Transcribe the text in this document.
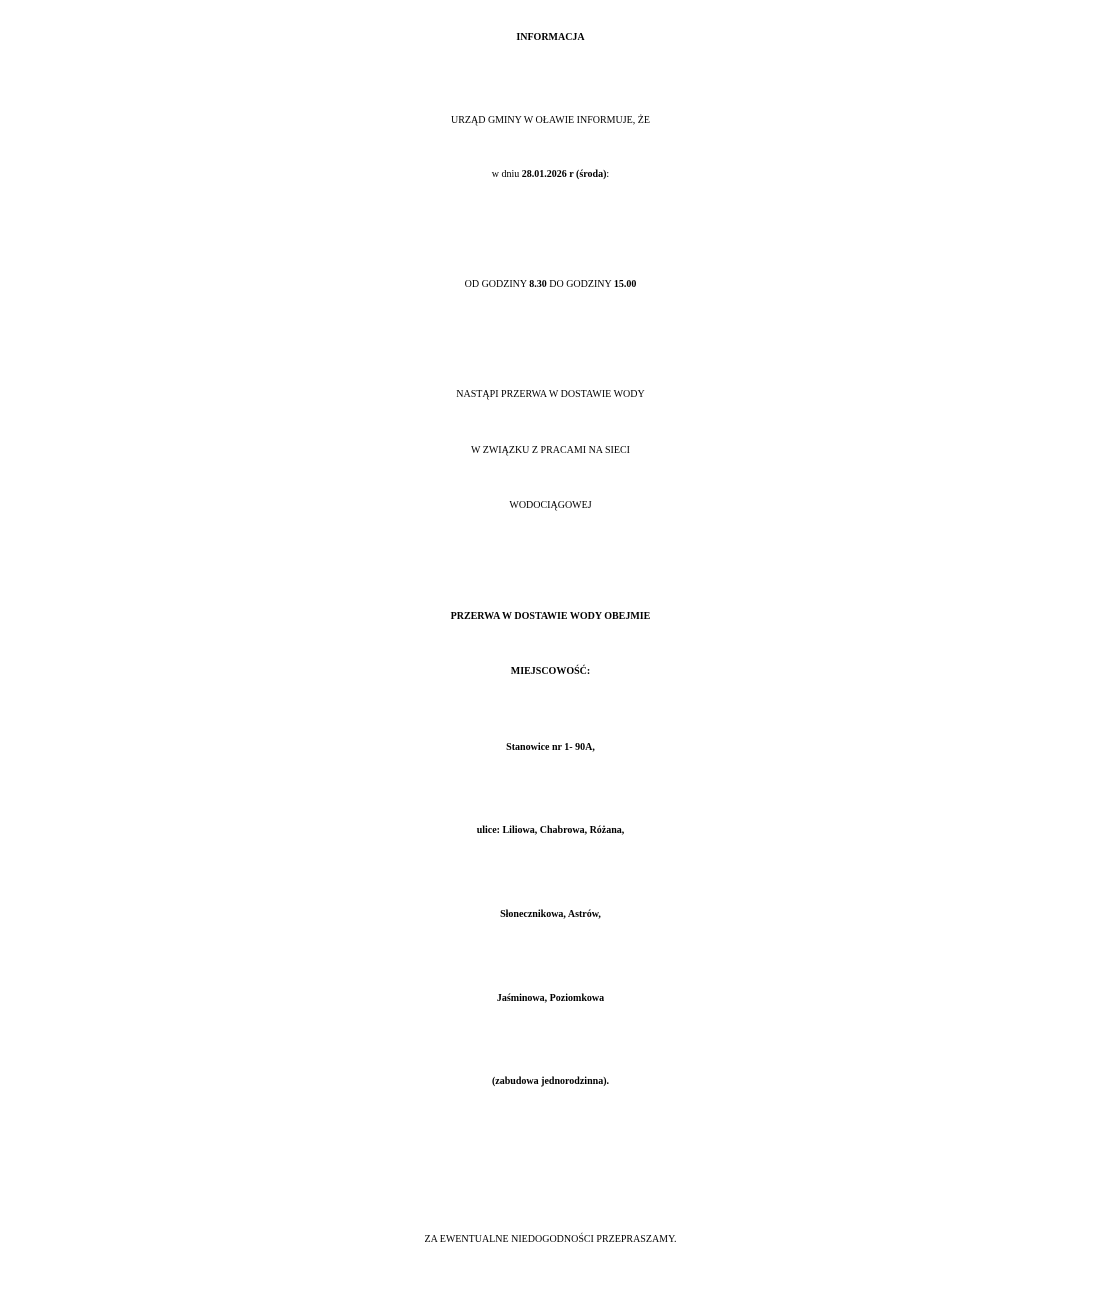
INFORMACJA
URZĄD GMINY W OŁAWIE INFORMUJE, ŻE
w dniu 28.01.2026 r (środa):
OD GODZINY 8.30 DO GODZINY 15.00
NASTĄPI PRZERWA W DOSTAWIE WODY
W ZWIĄZKU Z PRACAMI NA SIECI
WODOCIĄGOWEJ
PRZERWA W DOSTAWIE WODY OBEJMIE
MIEJSCOWOŚĆ:
Stanowice nr 1- 90A,
ulice: Liliowa, Chabrowa, Różana,
Słonecznikowa, Astrów,
Jaśminowa, Poziomkowa
(zabudowa jednorodzinna).
ZA EWENTUALNE NIEDOGODNOŚCI PRZEPRASZAMY.
